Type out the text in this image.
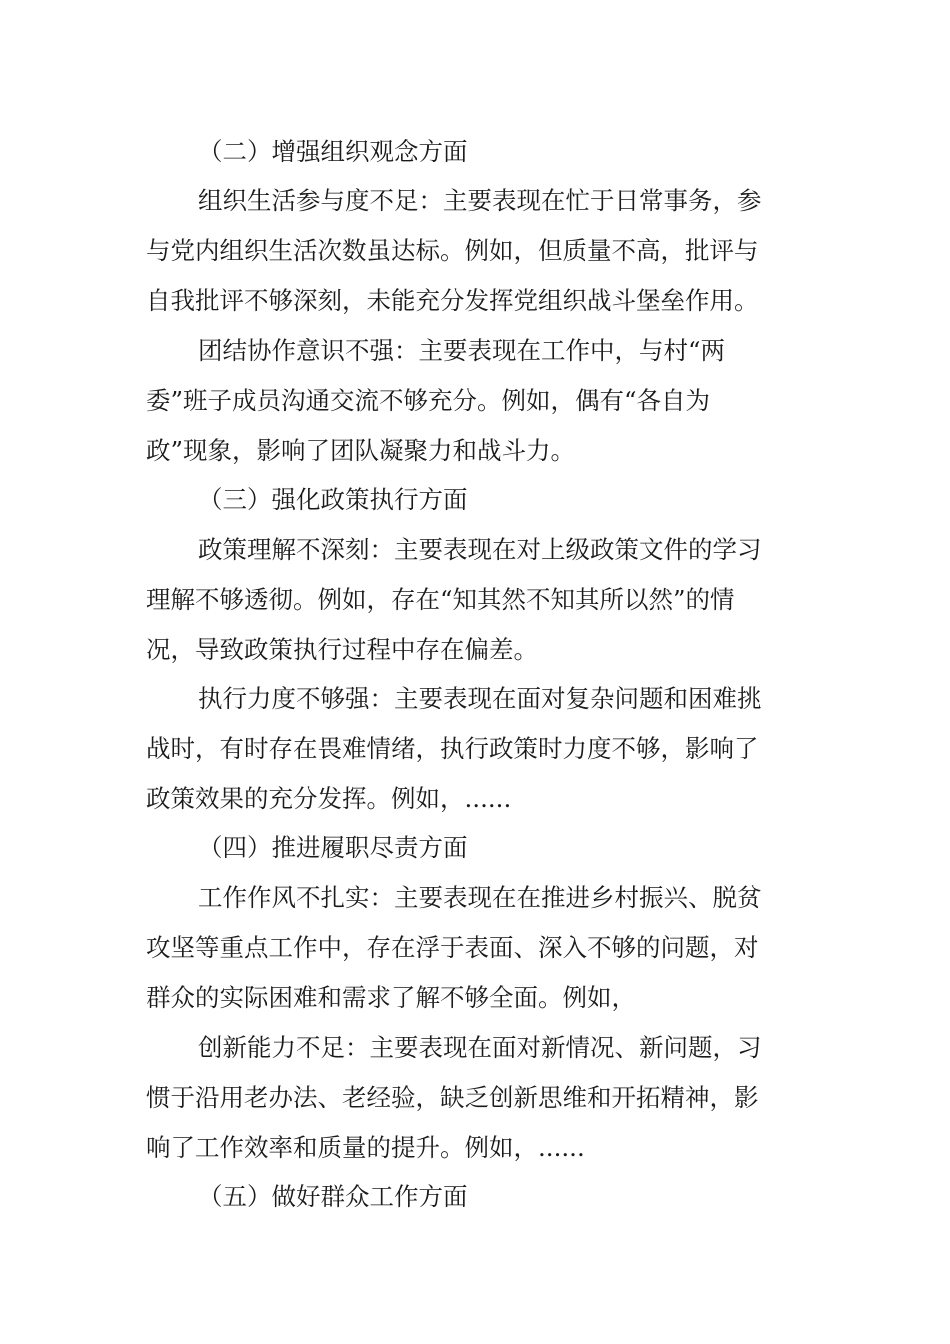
（二）增强组织观念方面
组织生活参与度不足：主要表现在忙于日常事务，参
与党内组织生活次数虽达标。例如，但质量不高，批评与
自我批评不够深刻，未能充分发挥党组织战斗堡垒作用。
团结协作意识不强：主要表现在工作中，与村“两
委”班子成员沟通交流不够充分。例如，偶有“各自为
政”现象，影响了团队凝聚力和战斗力。
（三）强化政策执行方面
政策理解不深刻：主要表现在对上级政策文件的学习
理解不够透彻。例如，存在“知其然不知其所以然”的情
况，导致政策执行过程中存在偏差。
执行力度不够强：主要表现在面对复杂问题和困难挑
战时，有时存在畏难情绪，执行政策时力度不够，影响了
政策效果的充分发挥。例如，......
（四）推进履职尽责方面
工作作风不扎实：主要表现在在推进乡村振兴、脱贫
攻坚等重点工作中，存在浮于表面、深入不够的问题，对
群众的实际困难和需求了解不够全面。例如，
创新能力不足：主要表现在面对新情况、新问题，习
惯于沿用老办法、老经验，缺乏创新思维和开拓精神，影
响了工作效率和质量的提升。例如，......
（五）做好群众工作方面
